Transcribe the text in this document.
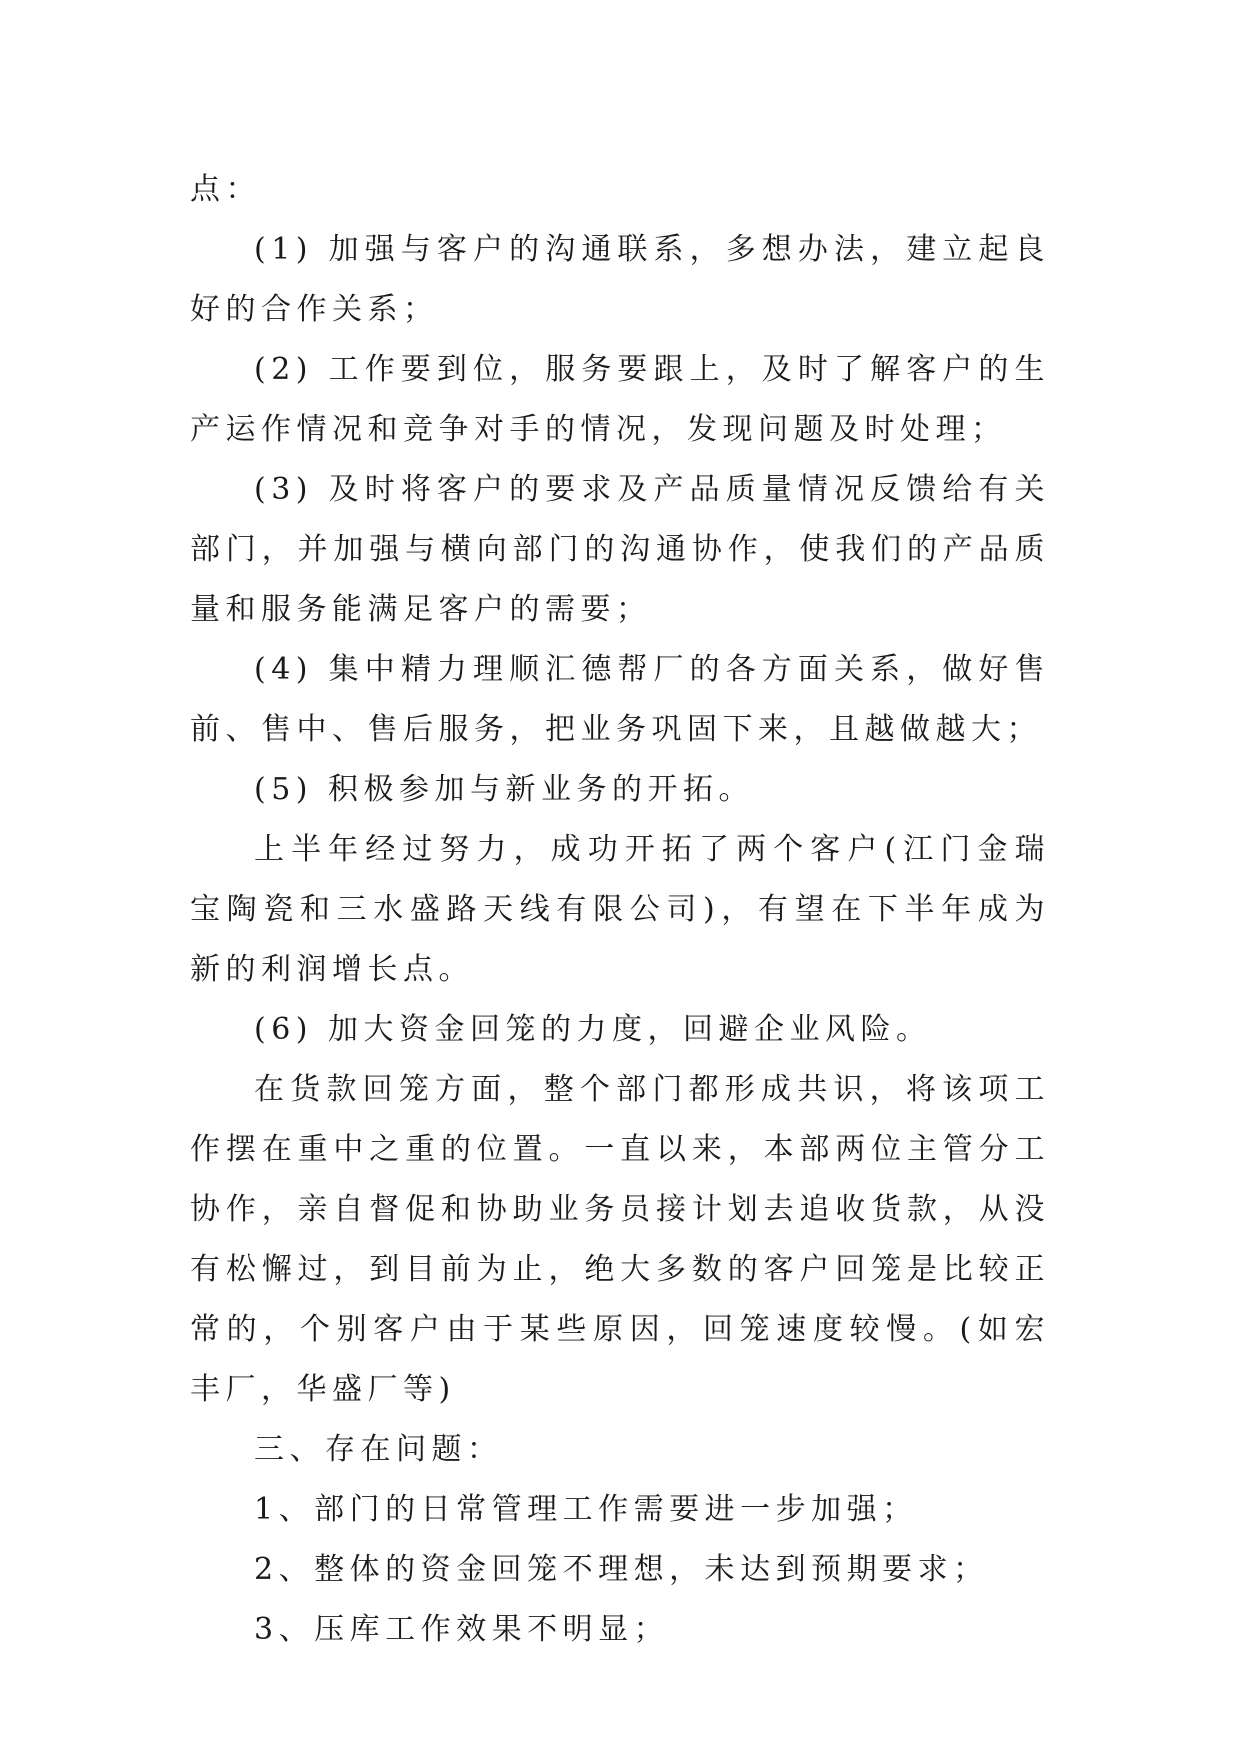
点：

(1) 加强与客户的沟通联系，多想办法，建立起良好的合作关系；

(2) 工作要到位，服务要跟上，及时了解客户的生产运作情况和竞争对手的情况，发现问题及时处理；

(3) 及时将客户的要求及产品质量情况反馈给有关部门，并加强与横向部门的沟通协作，使我们的产品质量和服务能满足客户的需要；

(4) 集中精力理顺汇德帮厂的各方面关系，做好售前、售中、售后服务，把业务巩固下来，且越做越大；

(5) 积极参加与新业务的开拓。

上半年经过努力，成功开拓了两个客户(江门金瑞宝陶瓷和三水盛路天线有限公司)，有望在下半年成为新的利润增长点。

(6) 加大资金回笼的力度，回避企业风险。

在货款回笼方面，整个部门都形成共识，将该项工作摆在重中之重的位置。一直以来，本部两位主管分工协作，亲自督促和协助业务员接计划去追收货款，从没有松懈过，到目前为止，绝大多数的客户回笼是比较正常的，个别客户由于某些原因，回笼速度较慢。(如宏丰厂，华盛厂等)

三、存在问题：

1、部门的日常管理工作需要进一步加强；

2、整体的资金回笼不理想，未达到预期要求；

3、压库工作效果不明显；
